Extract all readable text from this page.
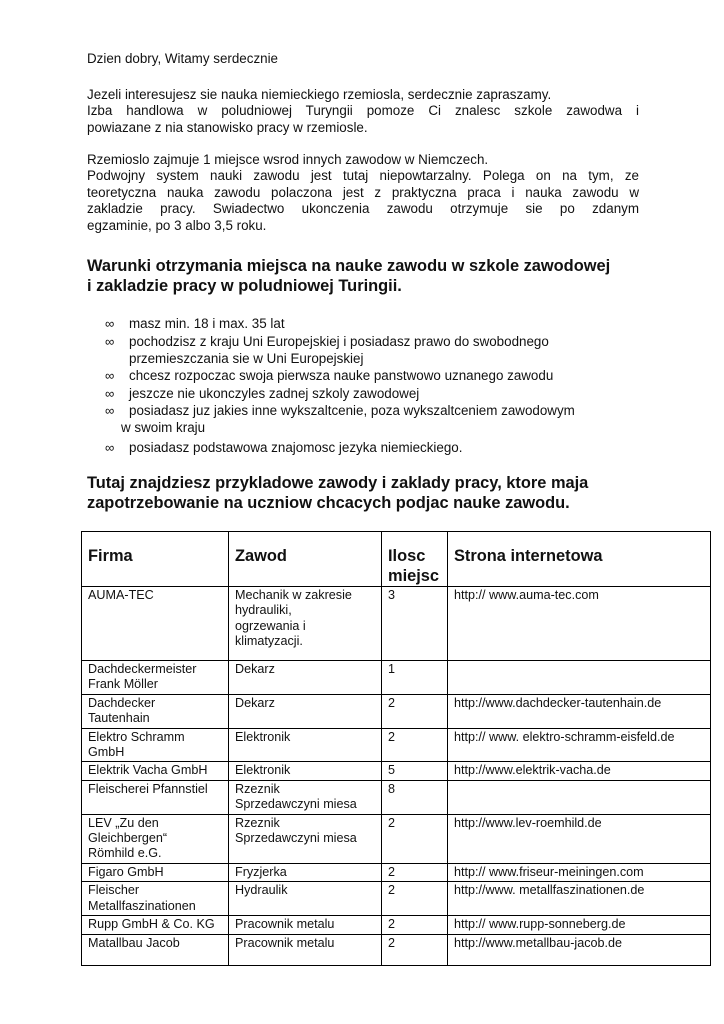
Dzien dobry, Witamy serdecznie

Jezeli interesujesz sie nauka niemieckiego rzemiosla, serdecznie zapraszamy.

Izba handlowa w poludniowej Turyngii pomoze Ci znalesc szkole zawodwa i

powiazane z nia stanowisko pracy w rzemiosle.

Rzemioslo zajmuje 1 miejsce wsrod innych zawodow w Niemczech.

Podwojny system nauki zawodu jest tutaj niepowtarzalny. Polega on na tym, ze

teoretyczna nauka zawodu polaczona jest z praktyczna praca i nauka zawodu w

zakladzie pracy. Swiadectwo ukonczenia zawodu otrzymuje sie po zdanym

egzaminie, po 3 albo 3,5 roku.

Warunki otrzymania miejsca na nauke zawodu w szkole zawodowej
i zakladzie pracy w poludniowej Turingii.
∞ masz min. 18 i max. 35 lat
∞ pochodzisz z kraju Uni Europejskiej i posiadasz prawo do swobodnego
przemieszczania sie w Uni Europejskiej
∞ chcesz rozpoczac swoja pierwsza nauke panstwowo uznanego zawodu
∞ jeszcze nie ukonczyles zadnej szkoly zawodowej
∞ posiadasz juz jakies inne wykszaltcenie, poza wykszaltceniem zawodowym
w swoim kraju
∞ posiadasz podstawowa znajomosc jezyka niemieckiego.
Tutaj znajdziesz przykladowe zawody i zaklady pracy, ktore maja
zapotrzebowanie na uczniow chcacych podjac nauke zawodu.
Firma	Zawod	Ilosc
miejsc	Strona internetowa
AUMA-TEC	Mechanik w zakresie
hydrauliki,
ogrzewania i
klimatyzacji.	3	http:// www.auma-tec.com
Dachdeckermeister
Frank Möller	Dekarz	1	
Dachdecker
Tautenhain	Dekarz	2	http://www.dachdecker-tautenhain.de
Elektro Schramm
GmbH	Elektronik	2	http:// www. elektro-schramm-eisfeld.de
Elektrik Vacha GmbH	Elektronik	5	http://www.elektrik-vacha.de
Fleischerei Pfannstiel	Rzeznik
Sprzedawczyni miesa	8	
LEV „Zu den
Gleichbergen“
Römhild e.G.	Rzeznik
Sprzedawczyni miesa	2	http://www.lev-roemhild.de
Figaro GmbH	Fryzjerka	2	http:// www.friseur-meiningen.com
Fleischer
Metallfaszinationen	Hydraulik	2	http://www. metallfaszinationen.de
Rupp GmbH & Co. KG	Pracownik metalu	2	http:// www.rupp-sonneberg.de
Matallbau Jacob	Pracownik metalu	2	http://www.metallbau-jacob.de
